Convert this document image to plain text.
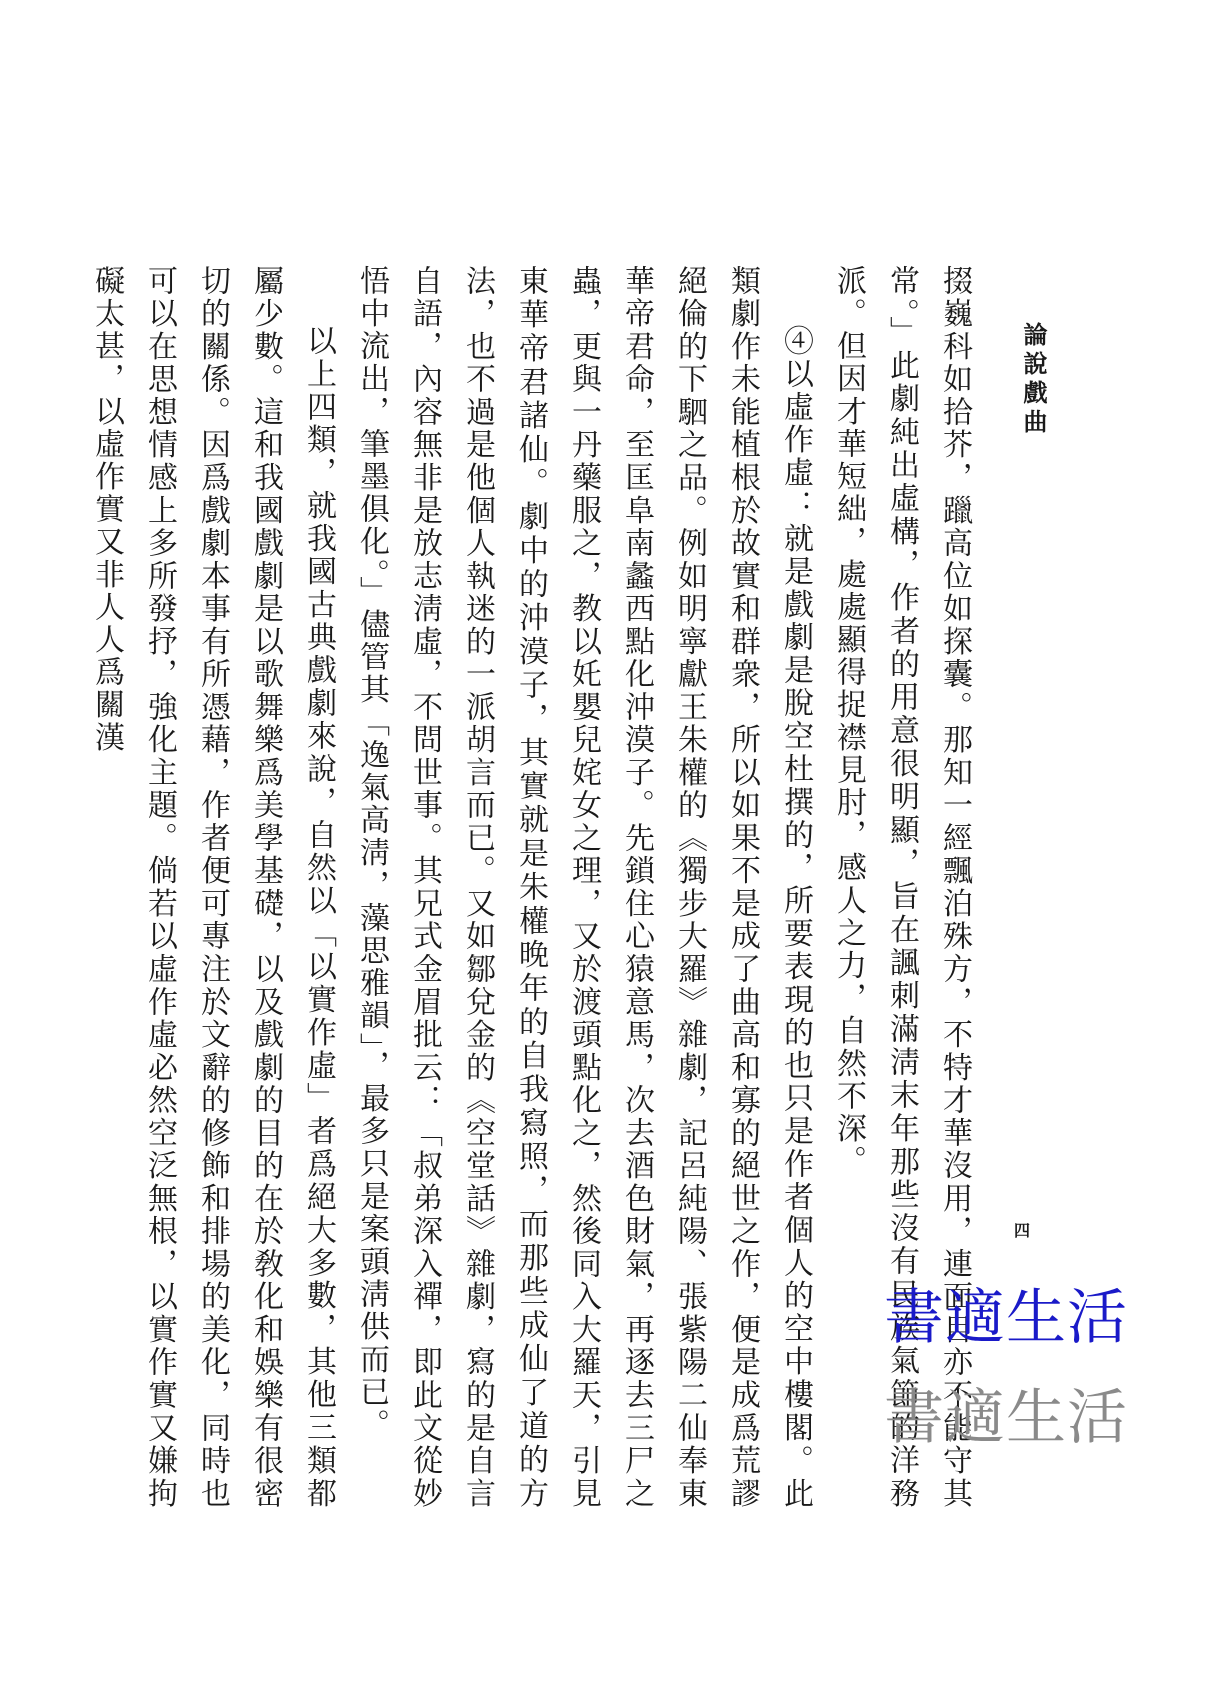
論說戲曲
四

掇巍科如拾芥，躐高位如探囊。那知一經飄泊殊方，不特才華沒用，連面目亦不能守其常。」此劇純出虛構，作者的用意很明顯，旨在諷刺滿淸末年那些沒有民族氣節的洋務派。但因才華短絀，處處顯得捉襟見肘，感人之力，自然不深。

④以虛作虛：就是戲劇是脫空杜撰的，所要表現的也只是作者個人的空中樓閣。此類劇作未能植根於故實和群衆，所以如果不是成了曲高和寡的絕世之作，便是成爲荒謬絕倫的下駟之品。例如明寧獻王朱權的《獨步大羅》雜劇，記呂純陽、張紫陽二仙奉東華帝君命，至匡阜南蠡西點化沖漠子。先鎖住心猿意馬，次去酒色財氣，再逐去三尸之蟲，更與一丹藥服之，教以奼嬰兒姹女之理，又於渡頭點化之，然後同入大羅天，引見東華帝君諸仙。劇中的沖漠子，其實就是朱權晚年的自我寫照，而那些成仙了道的方法，也不過是他個人執迷的一派胡言而已。又如鄒兌金的《空堂話》雜劇，寫的是自言自語，內容無非是放志淸虛，不問世事。其兄式金眉批云：「叔弟深入禪，即此文從妙悟中流出，筆墨俱化。」儘管其「逸氣高淸，藻思雅韻」，最多只是案頭淸供而已。

以上四類，就我國古典戲劇來說，自然以「以實作虛」者爲絕大多數，其他三類都屬少數。這和我國戲劇是以歌舞樂爲美學基礎，以及戲劇的目的在於敎化和娛樂有很密切的關係。因爲戲劇本事有所憑藉，作者便可專注於文辭的修飾和排場的美化，同時也可以在思想情感上多所發抒，強化主題。倘若以虛作虛必然空泛無根，以實作實又嫌拘礙太甚，以虛作實又非人人爲關漢

書適生活
書適生活
